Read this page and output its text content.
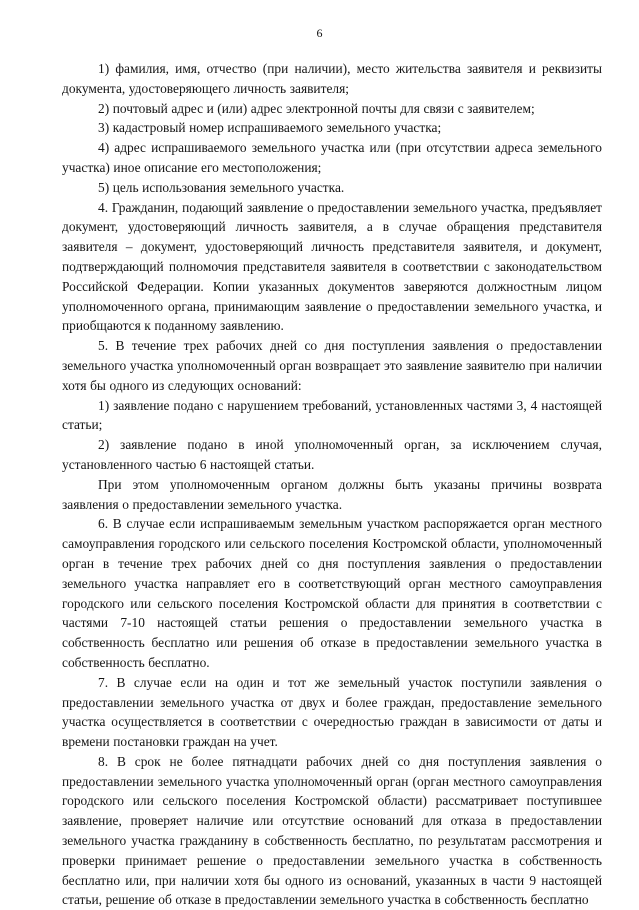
6

1) фамилия, имя, отчество (при наличии), место жительства заявителя и реквизиты документа, удостоверяющего личность заявителя;

2) почтовый адрес и (или) адрес электронной почты для связи с заявителем;

3) кадастровый номер испрашиваемого земельного участка;

4) адрес испрашиваемого земельного участка или (при отсутствии адреса земельного участка) иное описание его местоположения;

5) цель использования земельного участка.

4. Гражданин, подающий заявление о предоставлении земельного участка, предъявляет документ, удостоверяющий личность заявителя, а в случае обращения представителя заявителя – документ, удостоверяющий личность представителя заявителя, и документ, подтверждающий полномочия представителя заявителя в соответствии с законодательством Российской Федерации. Копии указанных документов заверяются должностным лицом уполномоченного органа, принимающим заявление о предоставлении земельного участка, и приобщаются к поданному заявлению.

5. В течение трех рабочих дней со дня поступления заявления о предоставлении земельного участка уполномоченный орган возвращает это заявление заявителю при наличии хотя бы одного из следующих оснований:

1) заявление подано с нарушением требований, установленных частями 3, 4 настоящей статьи;

2) заявление подано в иной уполномоченный орган, за исключением случая, установленного частью 6 настоящей статьи.

При этом уполномоченным органом должны быть указаны причины возврата заявления о предоставлении земельного участка.

6. В случае если испрашиваемым земельным участком распоряжается орган местного самоуправления городского или сельского поселения Костромской области, уполномоченный орган в течение трех рабочих дней со дня поступления заявления о предоставлении земельного участка направляет его в соответствующий орган местного самоуправления городского или сельского поселения Костромской области для принятия в соответствии с частями 7-10 настоящей статьи решения о предоставлении земельного участка в собственность бесплатно или решения об отказе в предоставлении земельного участка в собственность бесплатно.

7. В случае если на один и тот же земельный участок поступили заявления о предоставлении земельного участка от двух и более граждан, предоставление земельного участка осуществляется в соответствии с очередностью граждан в зависимости от даты и времени постановки граждан на учет.

8. В срок не более пятнадцати рабочих дней со дня поступления заявления о предоставлении земельного участка уполномоченный орган (орган местного самоуправления городского или сельского поселения Костромской области) рассматривает поступившее заявление, проверяет наличие или отсутствие оснований для отказа в предоставлении земельного участка гражданину в собственность бесплатно, по результатам рассмотрения и проверки принимает решение о предоставлении земельного участка в собственность бесплатно или, при наличии хотя бы одного из оснований, указанных в части 9 настоящей статьи, решение об отказе в предоставлении земельного участка в собственность бесплатно
